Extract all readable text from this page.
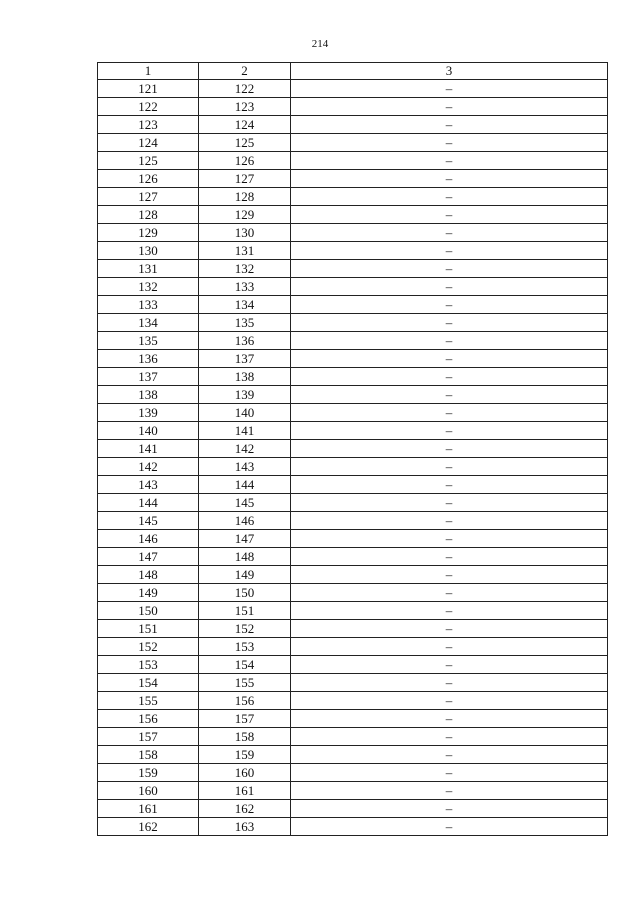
214
1	2	3
121	122	–
122	123	–
123	124	–
124	125	–
125	126	–
126	127	–
127	128	–
128	129	–
129	130	–
130	131	–
131	132	–
132	133	–
133	134	–
134	135	–
135	136	–
136	137	–
137	138	–
138	139	–
139	140	–
140	141	–
141	142	–
142	143	–
143	144	–
144	145	–
145	146	–
146	147	–
147	148	–
148	149	–
149	150	–
150	151	–
151	152	–
152	153	–
153	154	–
154	155	–
155	156	–
156	157	–
157	158	–
158	159	–
159	160	–
160	161	–
161	162	–
162	163	–
